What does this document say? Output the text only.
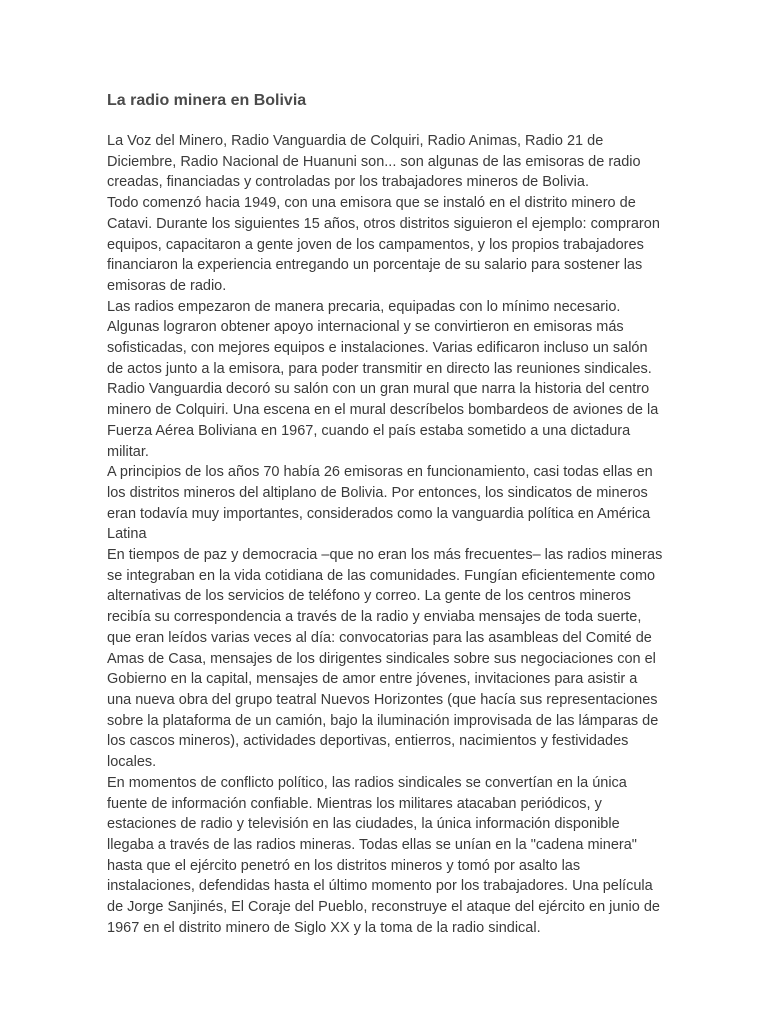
La radio minera en Bolivia

La Voz del Minero, Radio Vanguardia de Colquiri, Radio Animas, Radio 21 de Diciembre, Radio Nacional de Huanuni son... son algunas de las emisoras de radio creadas, financiadas y controladas por los trabajadores mineros de Bolivia.

Todo comenzó hacia 1949, con una emisora que se instaló en el distrito minero de Catavi. Durante los siguientes 15 años, otros distritos siguieron el ejemplo: compraron equipos, capacitaron a gente joven de los campamentos, y los propios trabajadores financiaron la experiencia entregando un porcentaje de su salario para sostener las emisoras de radio.

Las radios empezaron de manera precaria, equipadas con lo mínimo necesario. Algunas lograron obtener apoyo internacional y se convirtieron en emisoras más sofisticadas, con mejores equipos e instalaciones. Varias edificaron incluso un salón de actos junto a la emisora, para poder transmitir en directo las reuniones sindicales. Radio Vanguardia decoró su salón con un gran mural que narra la historia del centro minero de Colquiri. Una escena en el mural descríbelos bombardeos de aviones de la Fuerza Aérea Boliviana en 1967, cuando el país estaba sometido a una dictadura militar.

A principios de los años 70 había 26 emisoras en funcionamiento, casi todas ellas en los distritos mineros del altiplano de Bolivia. Por entonces, los sindicatos de mineros eran todavía muy importantes, considerados como la vanguardia política en América Latina

En tiempos de paz y democracia –que no eran los más frecuentes– las radios mineras se integraban en la vida cotidiana de las comunidades. Fungían eficientemente como alternativas de los servicios de teléfono y correo. La gente de los centros mineros recibía su correspondencia a través de la radio y enviaba mensajes de toda suerte, que eran leídos varias veces al día: convocatorias para las asambleas del Comité de Amas de Casa, mensajes de los dirigentes sindicales sobre sus negociaciones con el Gobierno en la capital, mensajes de amor entre jóvenes, invitaciones para asistir a una nueva obra del grupo teatral Nuevos Horizontes (que hacía sus representaciones sobre la plataforma de un camión, bajo la iluminación improvisada de las lámparas de los cascos mineros), actividades deportivas, entierros, nacimientos y festividades locales.

En momentos de conflicto político, las radios sindicales se convertían en la única fuente de información confiable. Mientras los militares atacaban periódicos, y estaciones de radio y televisión en las ciudades, la única información disponible llegaba a través de las radios mineras. Todas ellas se unían en la "cadena minera" hasta que el ejército penetró en los distritos mineros y tomó por asalto las instalaciones, defendidas hasta el último momento por los trabajadores. Una película de Jorge Sanjinés, El Coraje del Pueblo, reconstruye el ataque del ejército en junio de 1967 en el distrito minero de Siglo XX y la toma de la radio sindical.
